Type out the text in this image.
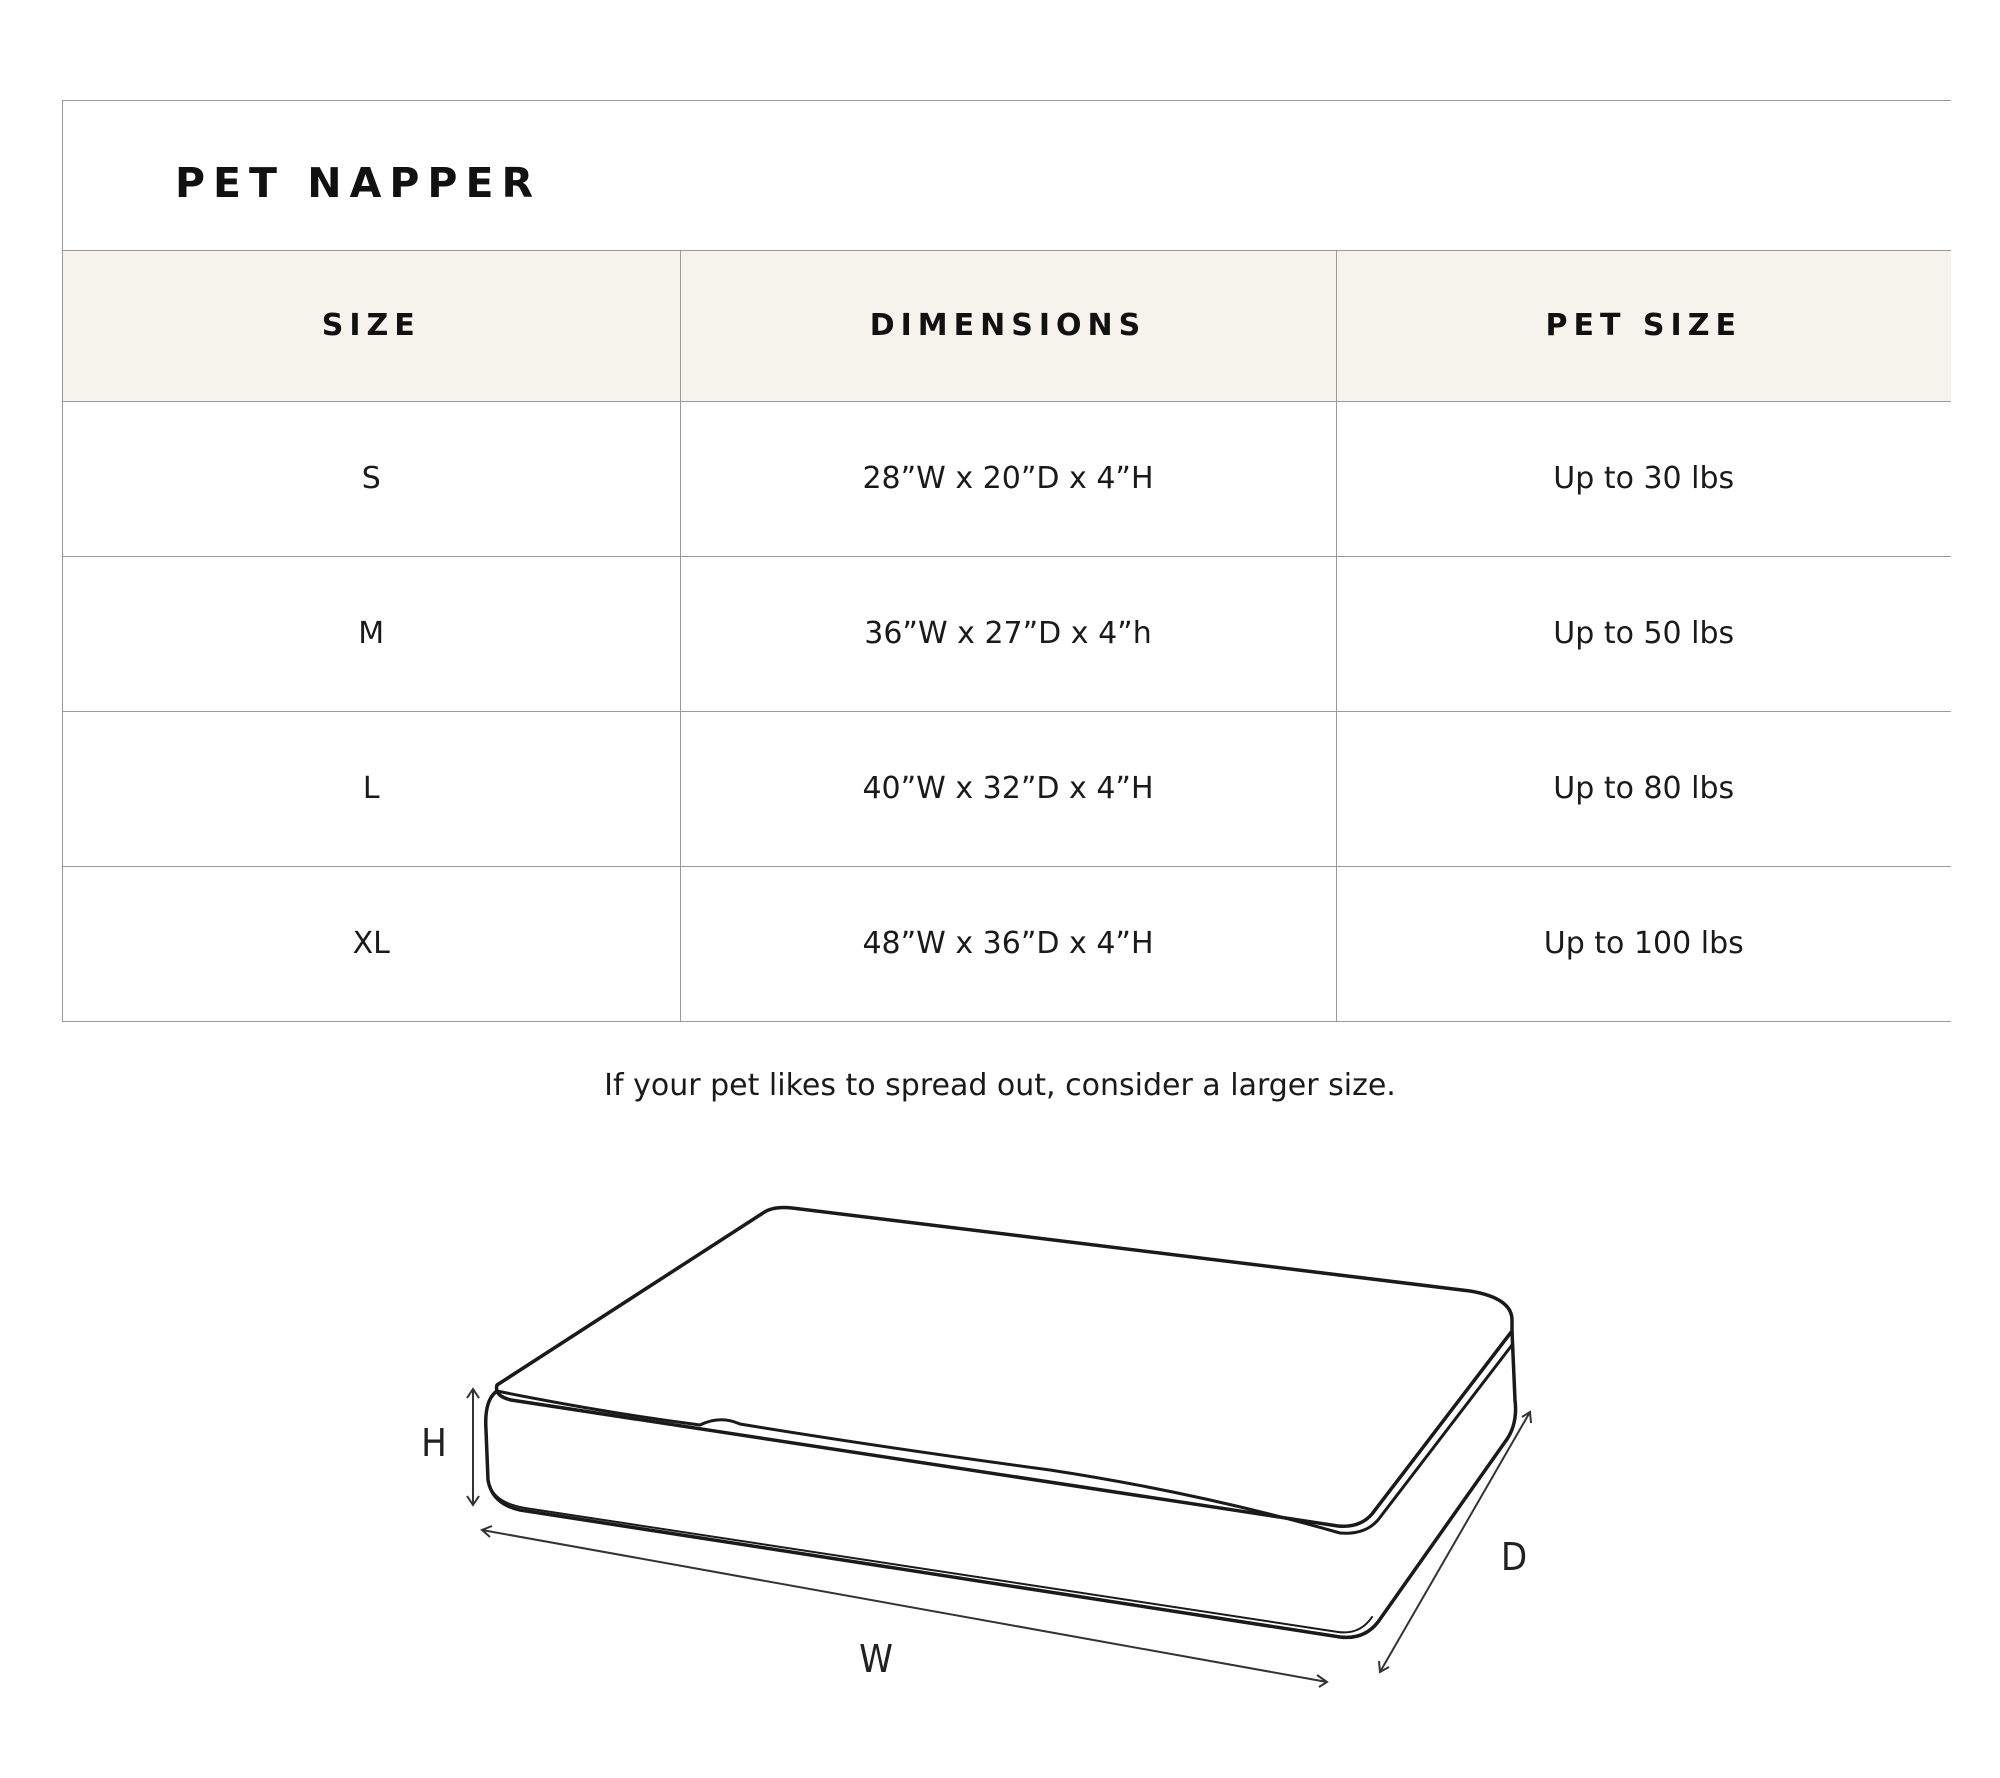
PET NAPPER
SIZE	DIMENSIONS	PET SIZE
S	28”W x 20”D x 4”H	Up to 30 lbs
M	36”W x 27”D x 4”h	Up to 50 lbs
L	40”W x 32”D x 4”H	Up to 80 lbs
XL	48”W x 36”D x 4”H	Up to 100 lbs

If your pet likes to spread out, consider a larger size.

H
W
D
